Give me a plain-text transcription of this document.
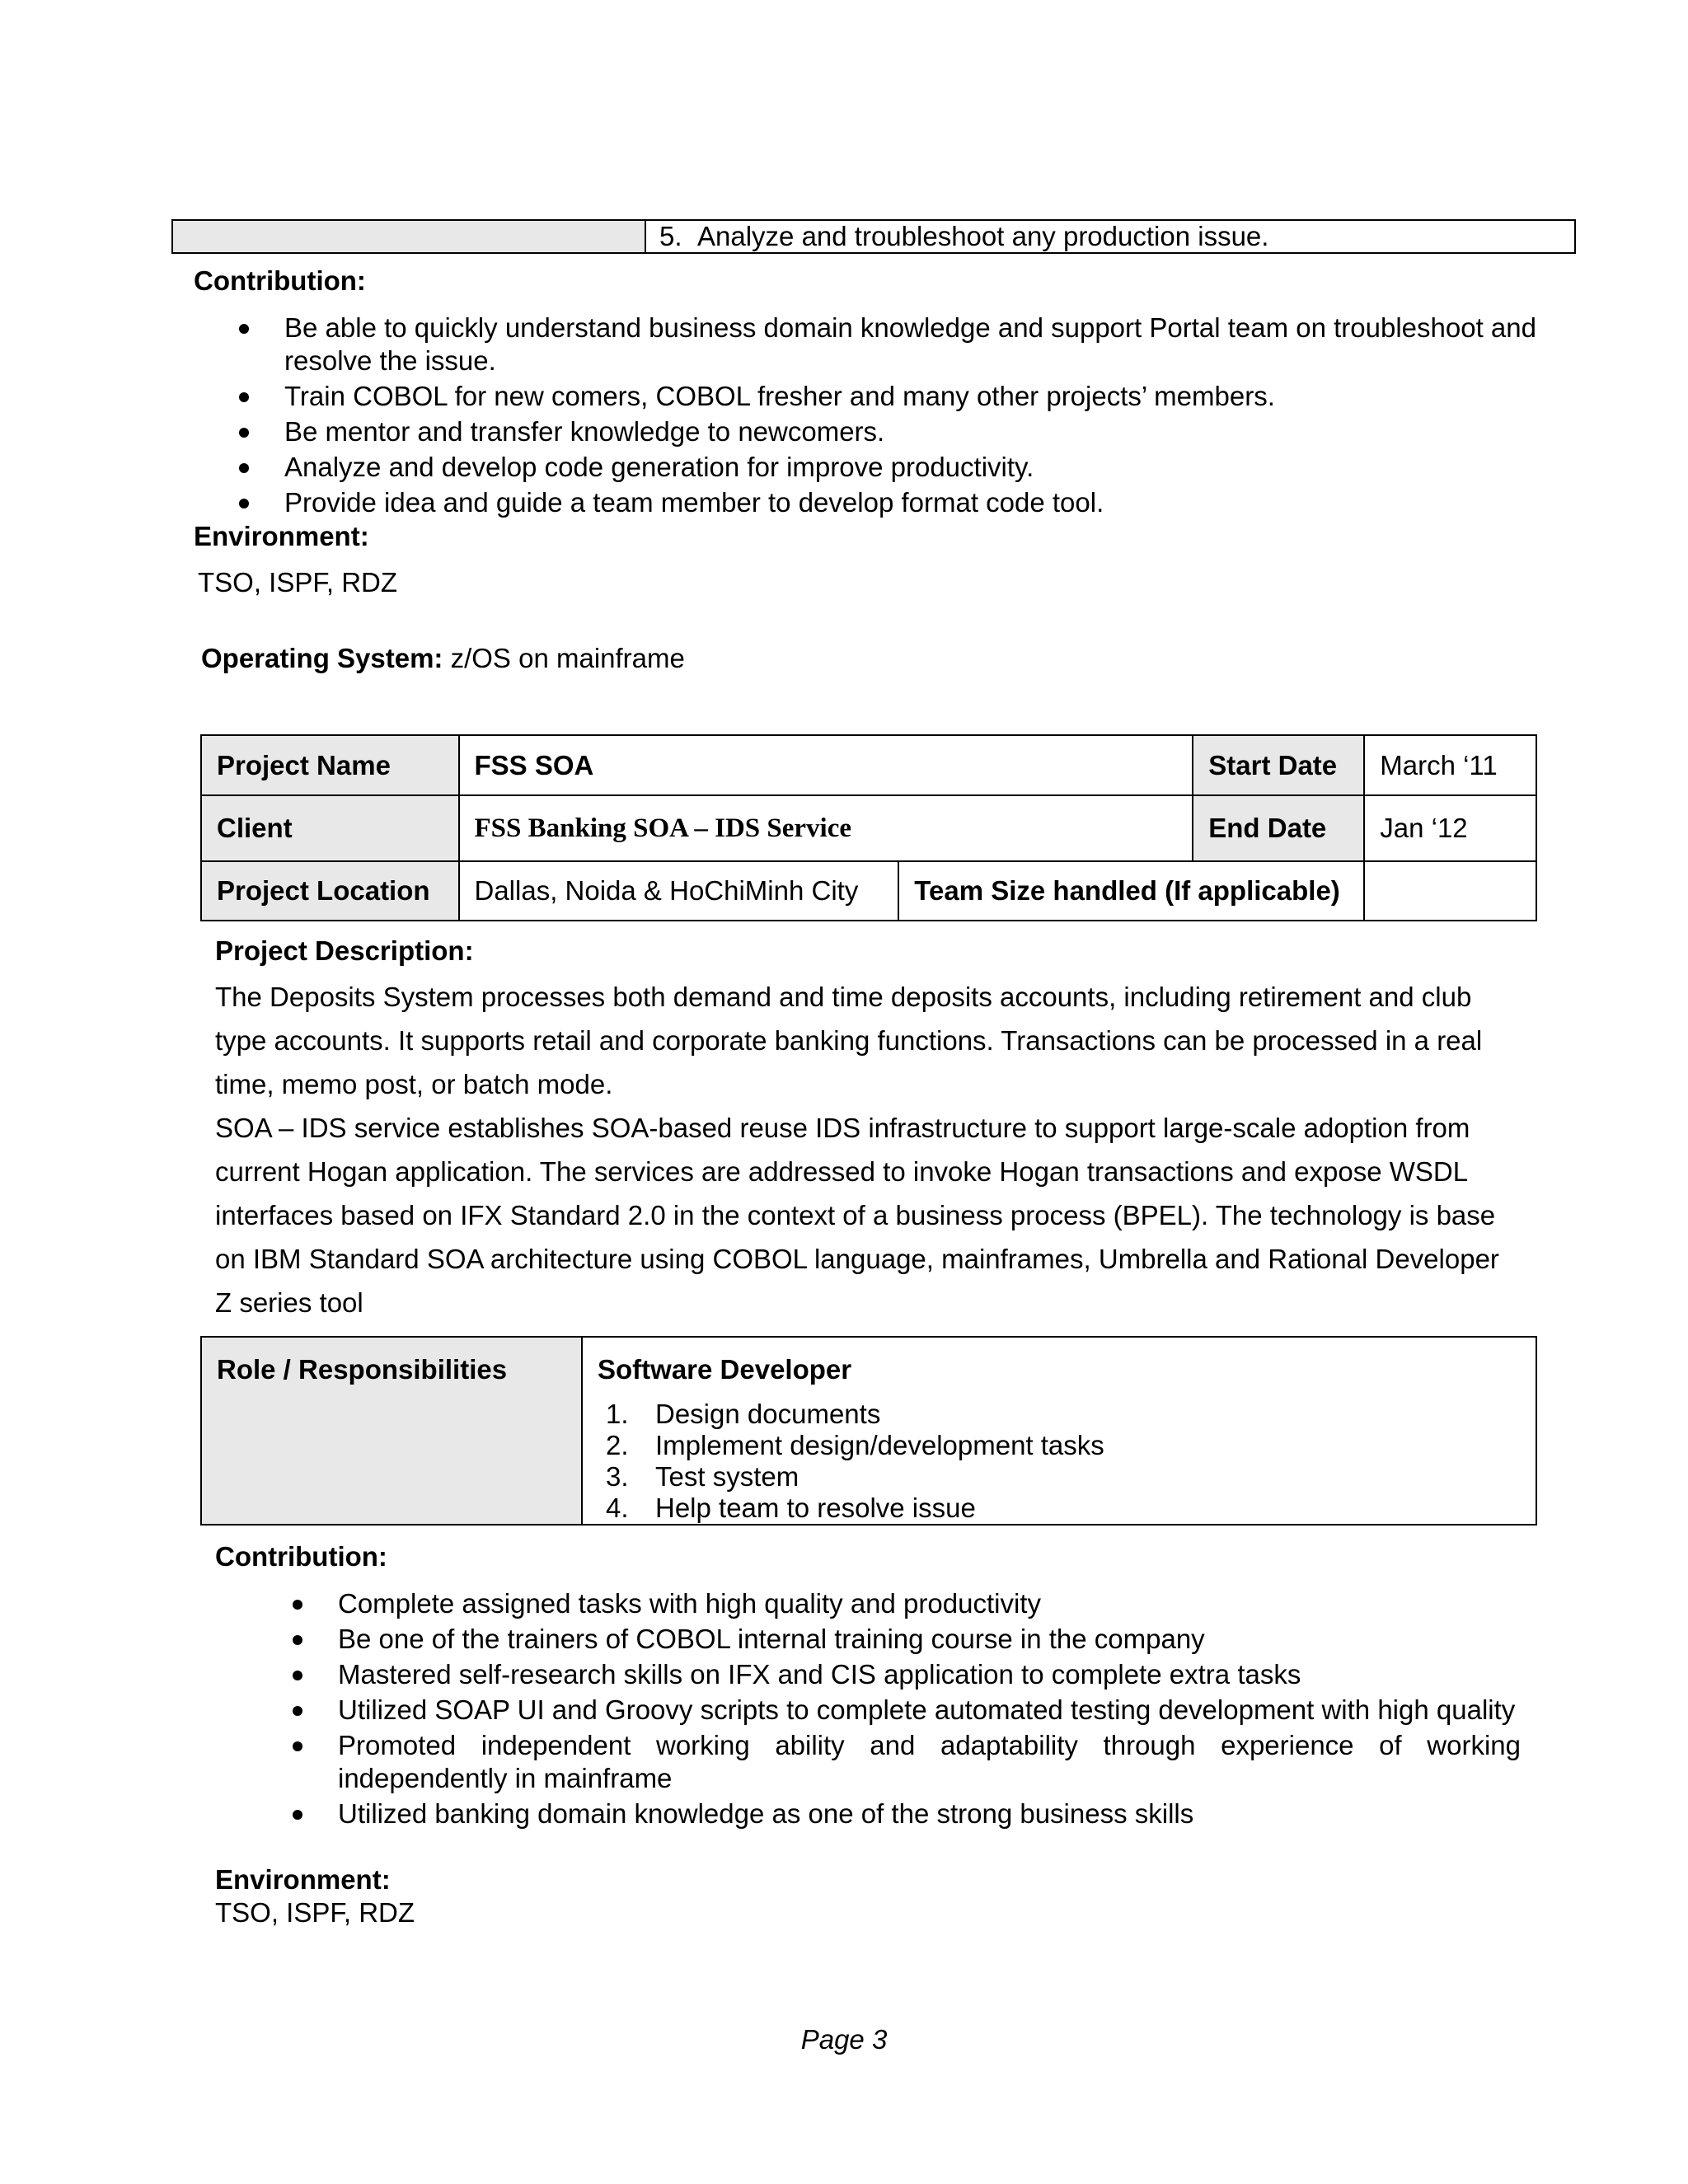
5. Analyze and troubleshoot any production issue.
Contribution:
Be able to quickly understand business domain knowledge and support Portal team on troubleshoot and
resolve the issue.
Train COBOL for new comers, COBOL fresher and many other projects’ members.
Be mentor and transfer knowledge to newcomers.
Analyze and develop code generation for improve productivity.
Provide idea and guide a team member to develop format code tool.
Environment:
TSO, ISPF, RDZ
Operating System: z/OS on mainframe
Project Name	FSS SOA		Start Date	March ‘11
Client	FSS Banking SOA – IDS Service		End Date	Jan ‘12
Project Location	Dallas, Noida & HoChiMinh City	Team Size handled (If applicable)		
Project Description:

The Deposits System processes both demand and time deposits accounts, including retirement and club

type accounts. It supports retail and corporate banking functions. Transactions can be processed in a real

time, memo post, or batch mode.

SOA – IDS service establishes SOA-based reuse IDS infrastructure to support large-scale adoption from

current Hogan application. The services are addressed to invoke Hogan transactions and expose WSDL

interfaces based on IFX Standard 2.0 in the context of a business process (BPEL). The technology is base

on IBM Standard SOA architecture using COBOL language, mainframes, Umbrella and Rational Developer

Z series tool

Role / Responsibilities	Software Developer
1. Design documents
2. Implement design/development tasks
3. Test system
4. Help team to resolve issue
Contribution:
Complete assigned tasks with high quality and productivity
Be one of the trainers of COBOL internal training course in the company
Mastered self-research skills on IFX and CIS application to complete extra tasks
Utilized SOAP UI and Groovy scripts to complete automated testing development with high quality
Promoted independent working ability and adaptability through experience of working
independently in mainframe
Utilized banking domain knowledge as one of the strong business skills
Environment:
TSO, ISPF, RDZ
Page 3
